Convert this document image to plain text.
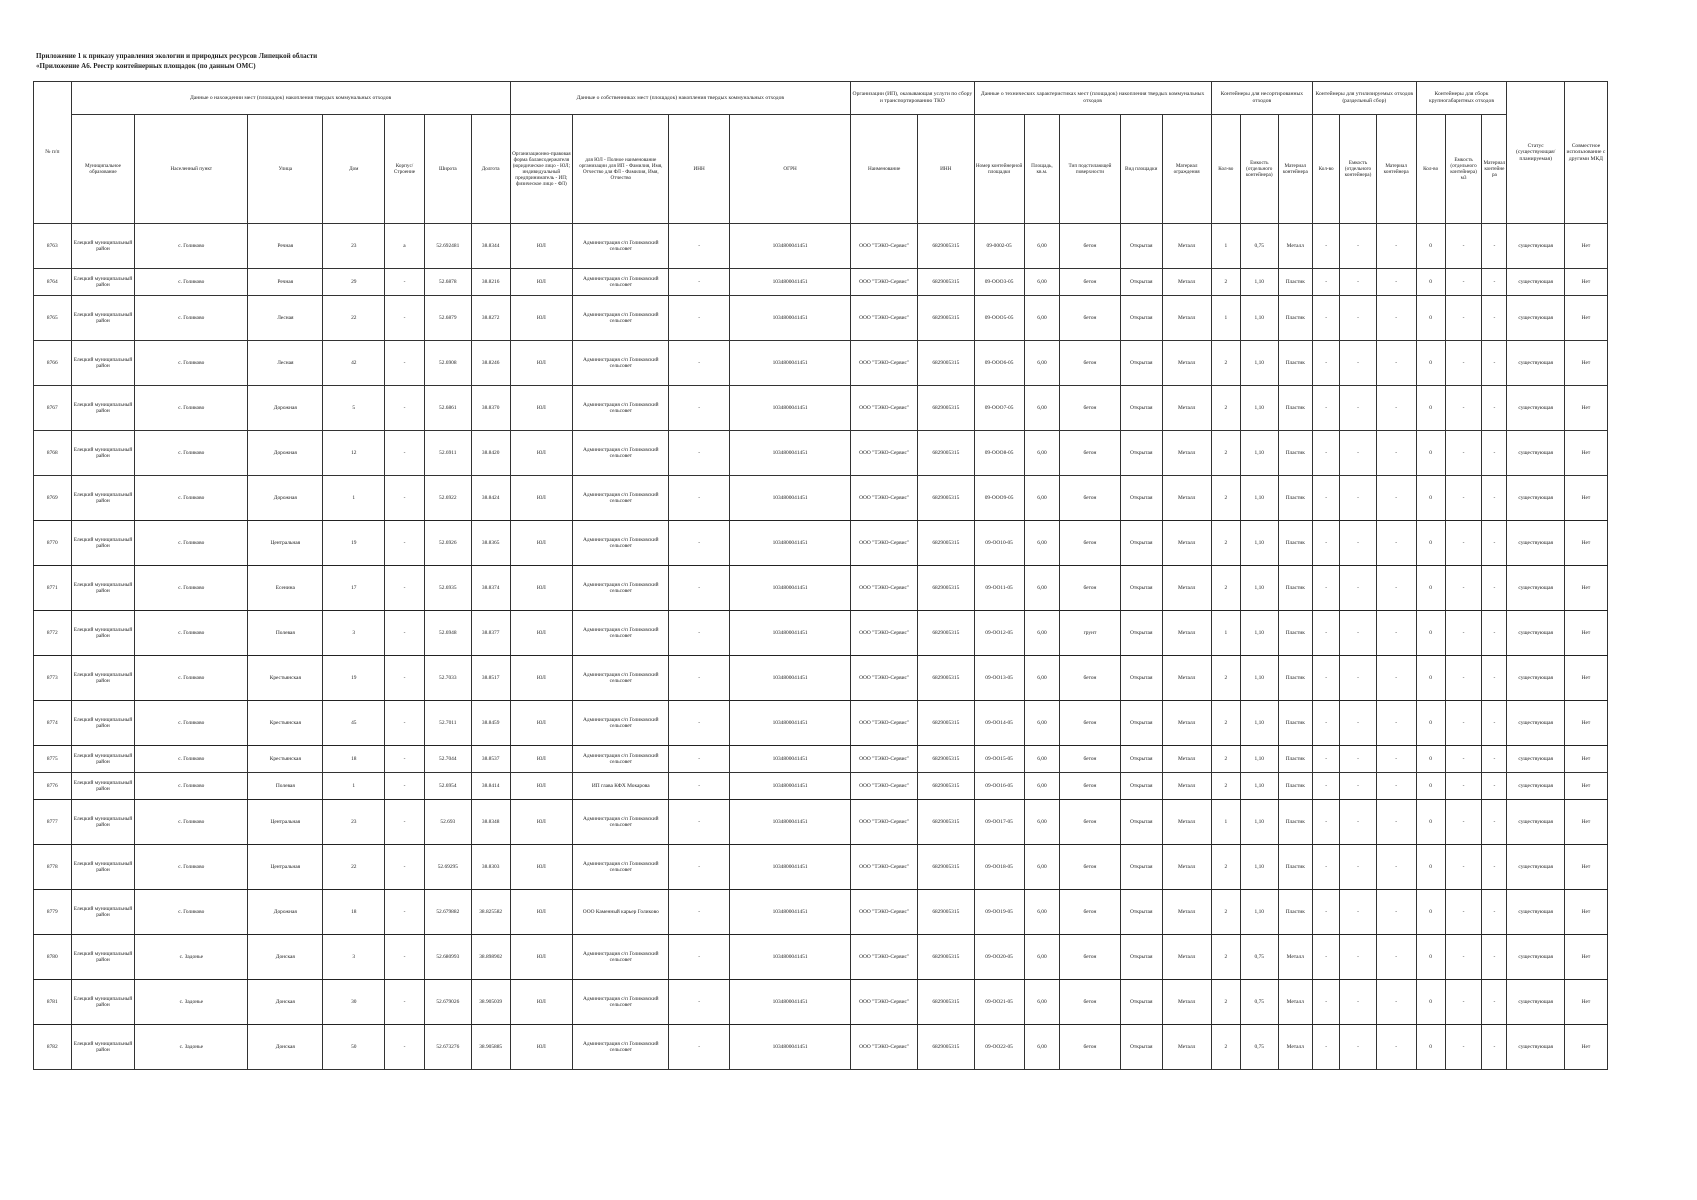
Приложение 1 к приказу управления экологии и природных ресурсов Липецкой области
«Приложение А6. Реестр контейнерных площадок (по данным ОМС)
№ п/п	Данные о нахождении мест (площадок) накопления твердых коммунальных отходов							Данные о собственниках мест (площадок) накопления твердых коммунальных отходов				Организации (ИП), оказывающая услуги по сбору и транспортированию ТКО		Данные о технических характеристиках мест (площадок) накопления твердых коммунальных отходов					Контейнеры для несортированных отходов			Контейнеры для утилизируемых отходов (раздельный сбор)			Контейнеры для сборк крупногабаритных отходов			Статус (существующая/планируемая)	Совместное использование с другими МКД
	Муниципальное образование	Населенный пункт	Улица	Дом	Корпус/Строение	Широта	Долгота	Организационно-правовая форма балансодержателя (юридическое лицо - ЮЛ; индивидуальный предприниматель - ИП; физическое лицо - ФЛ)	для ЮЛ - Полное наименование организации для ИП - Фамилия, Имя, Отчество для ФЛ - Фамилия, Имя, Отчество	ИНН	ОГРН	Наименование	ИНН	Номер контейнерной площадки	Площадь, кв.м.	Тип подстилающей поверхности	Вид площадки	Материал ограждения	Кол-во	Емкость (отдельного контейнера)	Материал контейнера	Кол-во	Емкость (отдельного контейнера)	Материал контейнера	Кол-во	Емкость (отдельного контейнера) м3	Материал контейнера		
8763	Елецкий муниципальный район	с. Голиково	Речная	23	а	52.692481	38.8344	ЮЛ	Администрация с/п Голиковский сельсовет	-	1034800041451	ООО "ТЭКО-Сервис"	6829005315	09-0002-05	6,00	бетон	Открытая	Металл	1	0,75	Металл	-	-	-	0	-	-	существующая	Нет
8764	Елецкий муниципальный район	с. Голиково	Речная	29	-	52.6878	38.8216	ЮЛ	Администрация с/п Голиковский сельсовет	-	1034800041451	ООО "ТЭКО-Сервис"	6829005315	09-ООО3-05	6,00	бетон	Открытая	Металл	2	1,10	Пластик	-	-	-	0	-	-	существующая	Нет
8765	Елецкий муниципальный район	с. Голиково	Лесная	22	-	52.6879	38.8272	ЮЛ	Администрация с/п Голиковский сельсовет	-	1034800041451	ООО "ТЭКО-Сервис"	6829005315	09-ООО5-05	6,00	бетон	Открытая	Металл	1	1,10	Пластик	-	-	-	0	-	-	существующая	Нет
8766	Елецкий муниципальный район	с. Голиково	Лесная	42	-	52.6908	38.8246	ЮЛ	Администрация с/п Голиковский сельсовет	-	1034800041451	ООО "ТЭКО-Сервис"	6829005315	09-ООО6-05	6,00	бетон	Открытая	Металл	2	1,10	Пластик	-	-	-	0	-	-	существующая	Нет
8767	Елецкий муниципальный район	с. Голиково	Дорожная	5	-	52.6861	38.8370	ЮЛ	Администрация с/п Голиковский сельсовет	-	1034800041451	ООО "ТЭКО-Сервис"	6829005315	09-ООО7-05	6,00	бетон	Открытая	Металл	2	1,10	Пластик	-	-	-	0	-	-	существующая	Нет
8768	Елецкий муниципальный район	с. Голиково	Дорожная	12	-	52.6911	38.8420	ЮЛ	Администрация с/п Голиковский сельсовет	-	1034800041451	ООО "ТЭКО-Сервис"	6829005315	09-ООО8-05	6,00	бетон	Открытая	Металл	2	1,10	Пластик	-	-	-	0	-	-	существующая	Нет
8769	Елецкий муниципальный район	с. Голиково	Дорожная	1	-	52.6922	38.8424	ЮЛ	Администрация с/п Голиковский сельсовет	-	1034800041451	ООО "ТЭКО-Сервис"	6829005315	09-ООО9-05	6,00	бетон	Открытая	Металл	2	1,10	Пластик	-	-	-	0	-	-	существующая	Нет
8770	Елецкий муниципальный район	с. Голиково	Центральная	19	-	52.6926	38.8365	ЮЛ	Администрация с/п Голиковский сельсовет	-	1034800041451	ООО "ТЭКО-Сервис"	6829005315	09-ОО10-05	6,00	бетон	Открытая	Металл	2	1,10	Пластик	-	-	-	0	-	-	существующая	Нет
8771	Елецкий муниципальный район	с. Голиково	Есенина	17	-	52.6935	38.8374	ЮЛ	Администрация с/п Голиковский сельсовет	-	1034800041451	ООО "ТЭКО-Сервис"	6829005315	09-ОО11-05	6,00	бетон	Открытая	Металл	2	1,10	Пластик	-	-	-	0	-	-	существующая	Нет
8772	Елецкий муниципальный район	с. Голиково	Полевая	3	-	52.6948	38.8377	ЮЛ	Администрация с/п Голиковский сельсовет	-	1034800041451	ООО "ТЭКО-Сервис"	6829005315	09-ОО12-05	6,00	грунт	Открытая	Металл	1	1,10	Пластик	-	-	-	0	-	-	существующая	Нет
8773	Елецкий муниципальный район	с. Голиково	Крестьянская	19	-	52.7033	38.8517	ЮЛ	Администрация с/п Голиковский сельсовет	-	1034800041451	ООО "ТЭКО-Сервис"	6829005315	09-ОО13-05	6,00	бетон	Открытая	Металл	2	1,10	Пластик	-	-	-	0	-	-	существующая	Нет
8774	Елецкий муниципальный район	с. Голиково	Крестьянская	45	-	52.7011	38.8459	ЮЛ	Администрация с/п Голиковский сельсовет	-	1034800041451	ООО "ТЭКО-Сервис"	6829005315	09-ОО14-05	6,00	бетон	Открытая	Металл	2	1,10	Пластик	-	-	-	0	-	-	существующая	Нет
8775	Елецкий муниципальный район	с. Голиково	Крестьянская	18	-	52.7044	38.8537	ЮЛ	Администрация с/п Голиковский сельсовет	-	1034800041451	ООО "ТЭКО-Сервис"	6829005315	09-ОО15-05	6,00	бетон	Открытая	Металл	2	1,10	Пластик	-	-	-	0	-	-	существующая	Нет
8776	Елецкий муниципальный район	с. Голиково	Полевая	1	-	52.6954	38.8414	ЮЛ	ИП глава КФХ Мокарова	-	1034800041451	ООО "ТЭКО-Сервис"	6829005315	09-ОО16-05	6,00	бетон	Открытая	Металл	2	1,10	Пластик	-	-	-	0	-	-	существующая	Нет
8777	Елецкий муниципальный район	с. Голиково	Центральная	23	-	52.693	38.8348	ЮЛ	Администрация с/п Голиковский сельсовет	-	1034800041451	ООО "ТЭКО-Сервис"	6829005315	09-ОО17-05	6,00	бетон	Открытая	Металл	1	1,10	Пластик	-	-	-	0	-	-	существующая	Нет
8778	Елецкий муниципальный район	с. Голиково	Центральная	22	-	52.69295	38.8303	ЮЛ	Администрация с/п Голиковский сельсовет	-	1034800041451	ООО "ТЭКО-Сервис"	6829005315	09-ОО18-05	6,00	бетон	Открытая	Металл	2	1,10	Пластик	-	-	-	0	-	-	существующая	Нет
8779	Елецкий муниципальный район	с. Голиково	Дорожная	18	-	52.679882	38.825582	ЮЛ	ООО Каменный карьер Голиково	-	1034800041451	ООО "ТЭКО-Сервис"	6829005315	09-ОО19-05	6,00	бетон	Открытая	Металл	2	1,10	Пластик	-	-	-	0	-	-	существующая	Нет
8780	Елецкий муниципальный район	с. Задонье	Донская	3	-	52.680993	38.898902	ЮЛ	Администрация с/п Голиковский сельсовет	-	1034800041451	ООО "ТЭКО-Сервис"	6829005315	09-ОО20-05	6,00	бетон	Открытая	Металл	2	0,75	Металл	-	-	-	0	-	-	существующая	Нет
8781	Елецкий муниципальный район	с. Задонье	Донская	30	-	52.679026	38.905039	ЮЛ	Администрация с/п Голиковский сельсовет	-	1034800041451	ООО "ТЭКО-Сервис"	6829005315	09-ОО21-05	6,00	бетон	Открытая	Металл	2	0,75	Металл	-	-	-	0	-	-	существующая	Нет
8782	Елецкий муниципальный район	с. Задонье	Донская	50	-	52.673276	38.905885	ЮЛ	Администрация с/п Голиковский сельсовет	-	1034800041451	ООО "ТЭКО-Сервис"	6829005315	09-ОО22-05	6,00	бетон	Открытая	Металл	2	0,75	Металл	-	-	-	0	-	-	существующая	Нет
